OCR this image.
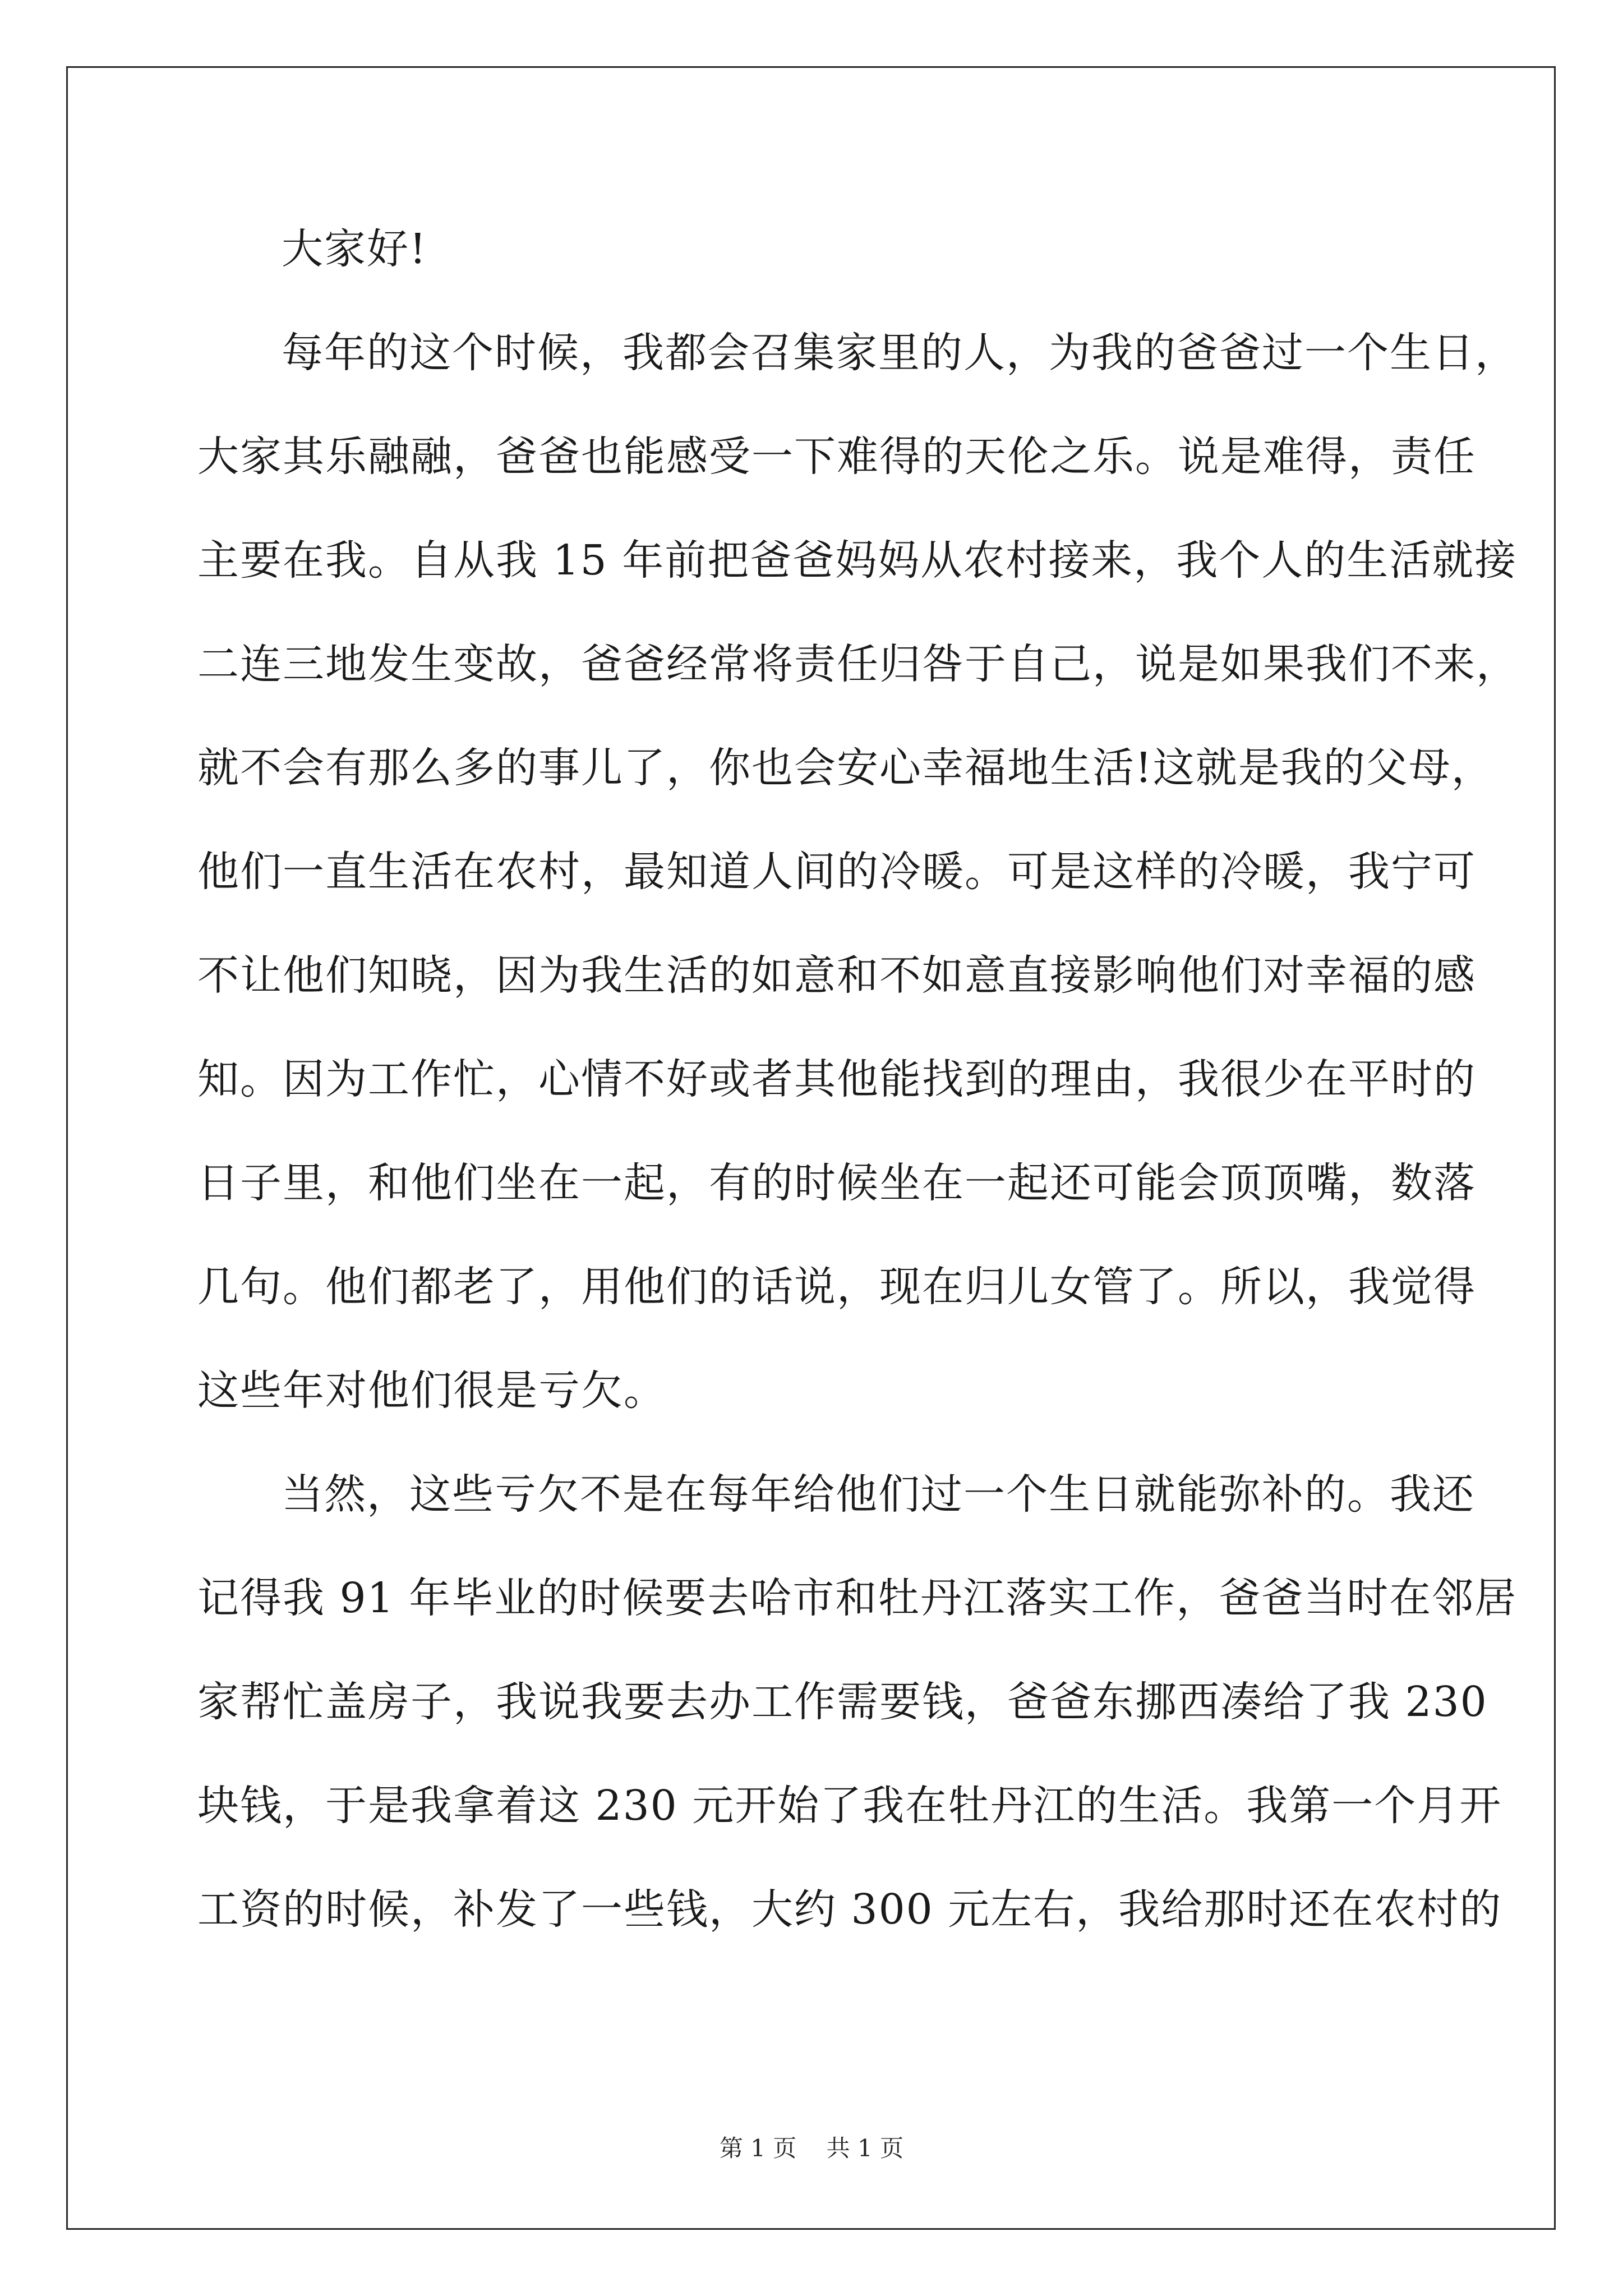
大家好!
每年的这个时候，我都会召集家里的人，为我的爸爸过一个生日，
大家其乐融融，爸爸也能感受一下难得的天伦之乐。说是难得，责任
主要在我。自从我 15 年前把爸爸妈妈从农村接来，我个人的生活就接
二连三地发生变故，爸爸经常将责任归咎于自己，说是如果我们不来，
就不会有那么多的事儿了，你也会安心幸福地生活!这就是我的父母，
他们一直生活在农村，最知道人间的冷暖。可是这样的冷暖，我宁可
不让他们知晓，因为我生活的如意和不如意直接影响他们对幸福的感
知。因为工作忙，心情不好或者其他能找到的理由，我很少在平时的
日子里，和他们坐在一起，有的时候坐在一起还可能会顶顶嘴，数落
几句。他们都老了，用他们的话说，现在归儿女管了。所以，我觉得
这些年对他们很是亏欠。
当然，这些亏欠不是在每年给他们过一个生日就能弥补的。我还
记得我 91 年毕业的时候要去哈市和牡丹江落实工作，爸爸当时在邻居
家帮忙盖房子，我说我要去办工作需要钱，爸爸东挪西凑给了我 230
块钱，于是我拿着这 230 元开始了我在牡丹江的生活。我第一个月开
工资的时候，补发了一些钱，大约 300 元左右，我给那时还在农村的
第 1 页 共 1 页
